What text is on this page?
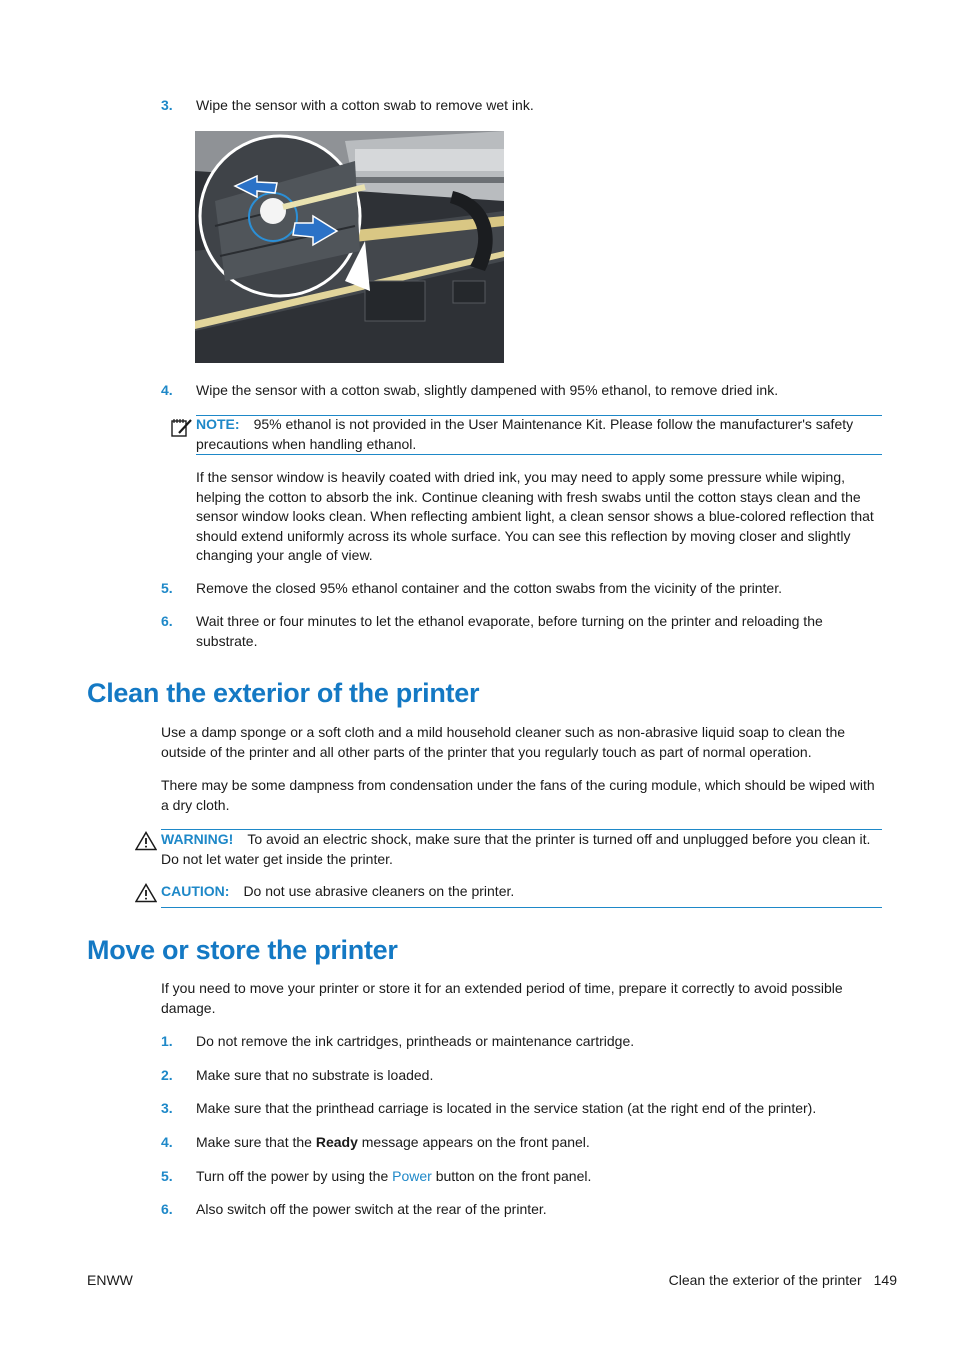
3. Wipe the sensor with a cotton swab to remove wet ink.
4. Wipe the sensor with a cotton swab, slightly dampened with 95% ethanol, to remove dried ink.
NOTE: 95% ethanol is not provided in the User Maintenance Kit. Please follow the manufacturer's safety precautions when handling ethanol.
If the sensor window is heavily coated with dried ink, you may need to apply some pressure while wiping, helping the cotton to absorb the ink. Continue cleaning with fresh swabs until the cotton stays clean and the sensor window looks clean. When reflecting ambient light, a clean sensor shows a blue-colored reflection that should extend uniformly across its whole surface. You can see this reflection by moving closer and slightly changing your angle of view.
5. Remove the closed 95% ethanol container and the cotton swabs from the vicinity of the printer.
6. Wait three or four minutes to let the ethanol evaporate, before turning on the printer and reloading the substrate.
Clean the exterior of the printer
Use a damp sponge or a soft cloth and a mild household cleaner such as non-abrasive liquid soap to clean the outside of the printer and all other parts of the printer that you regularly touch as part of normal operation.
There may be some dampness from condensation under the fans of the curing module, which should be wiped with a dry cloth.
WARNING! To avoid an electric shock, make sure that the printer is turned off and unplugged before you clean it. Do not let water get inside the printer.
CAUTION: Do not use abrasive cleaners on the printer.
Move or store the printer
If you need to move your printer or store it for an extended period of time, prepare it correctly to avoid possible damage.
1. Do not remove the ink cartridges, printheads or maintenance cartridge.
2. Make sure that no substrate is loaded.
3. Make sure that the printhead carriage is located in the service station (at the right end of the printer).
4. Make sure that the Ready message appears on the front panel.
5. Turn off the power by using the Power button on the front panel.
6. Also switch off the power switch at the rear of the printer.
ENWW	Clean the exterior of the printer 149
